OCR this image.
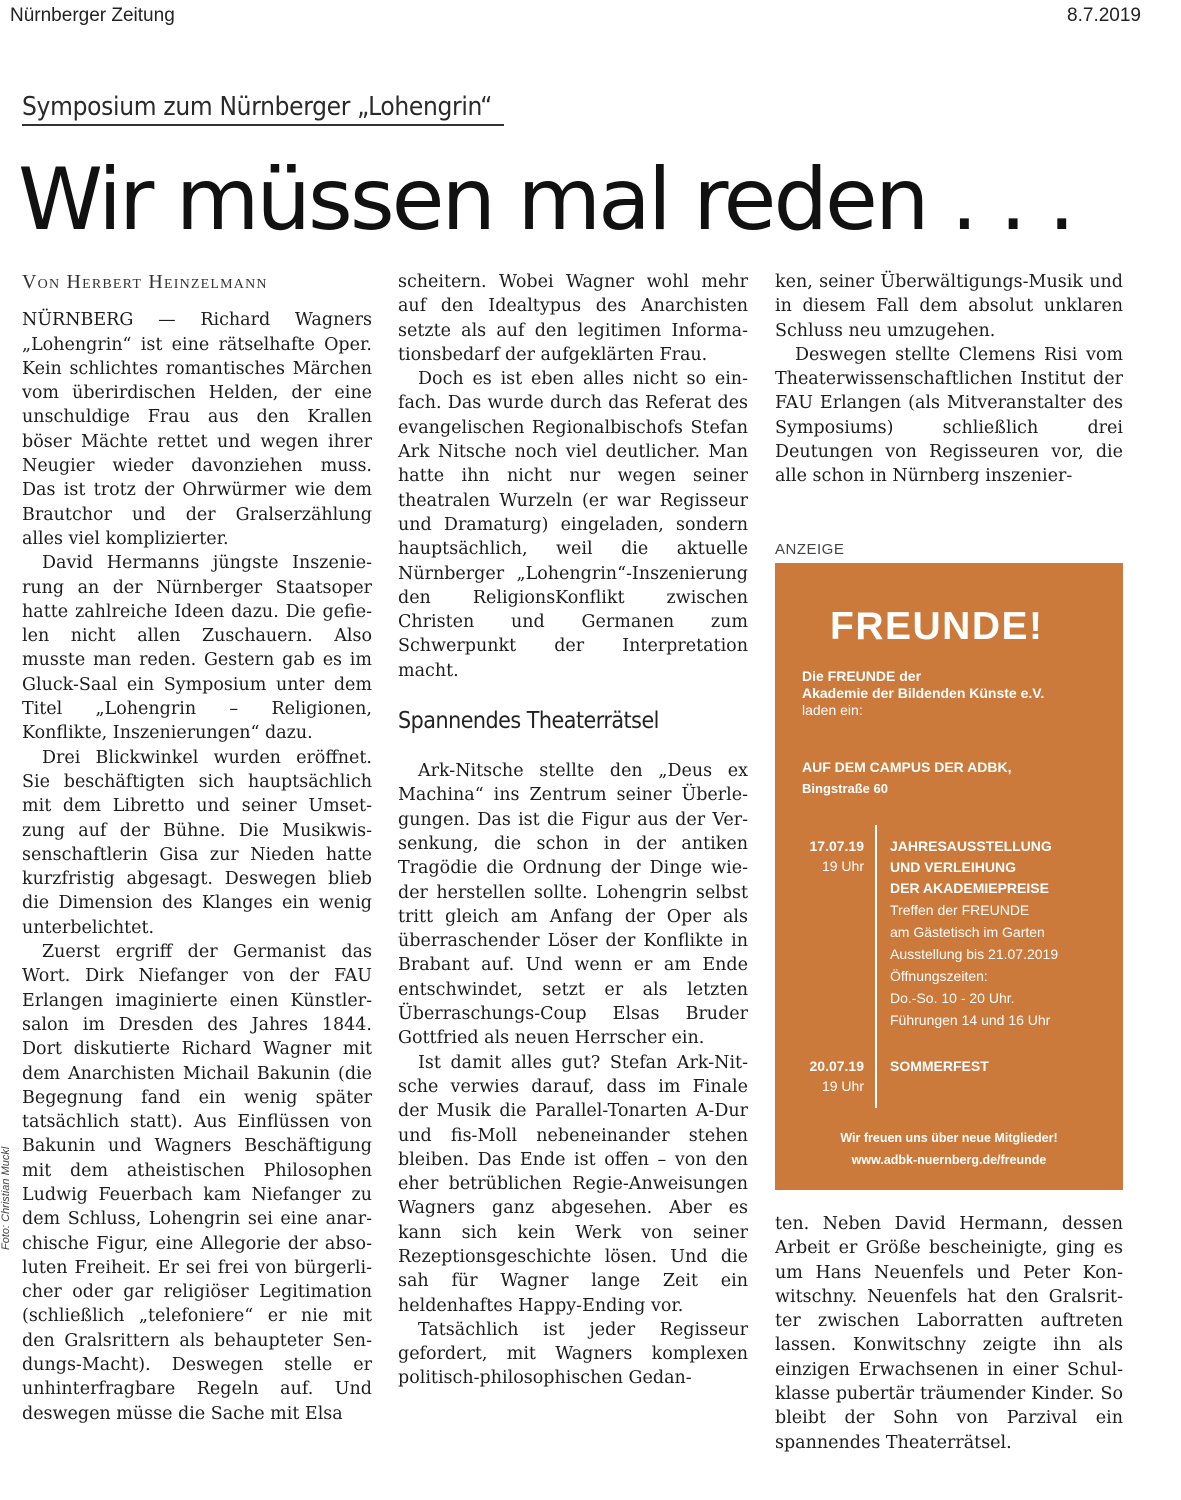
Nürnberger Zeitung	8.7.2019
Symposium zum Nürnberger „Lohengrin“
Wir müssen mal reden . . .
Foto: Christian Muckl
Von Herbert Heinzelmann

NÜRNBERG — Richard Wagners „Lohengrin“ ist eine rätselhafte Oper. Kein schlichtes romantisches Märchen vom überirdischen Helden, der eine unschuldige Frau aus den Krallen böser Mächte rettet und wegen ihrer Neugier wieder davonziehen muss. Das ist trotz der Ohrwürmer wie dem Brautchor und der Gralserzählung alles viel komplizierter.

David Hermanns jüngste Inszenierung an der Nürnberger Staatsoper hatte zahlreiche Ideen dazu. Die gefielen nicht allen Zuschauern. Also musste man reden. Gestern gab es im Gluck-Saal ein Symposium unter dem Titel „Lohengrin – Religionen, Konflikte, Inszenierungen“ dazu.

Drei Blickwinkel wurden eröffnet. Sie beschäftigten sich hauptsächlich mit dem Libretto und seiner Umsetzung auf der Bühne. Die Musikwissenschaftlerin Gisa zur Nieden hatte kurzfristig abgesagt. Deswegen blieb die Dimension des Klanges ein wenig unterbelichtet.

Zuerst ergriff der Germanist das Wort. Dirk Niefanger von der FAU Erlangen imaginierte einen Künstlersalon im Dresden des Jahres 1844. Dort diskutierte Richard Wagner mit dem Anarchisten Michail Bakunin (die Begegnung fand ein wenig später tatsächlich statt). Aus Einflüssen von Bakunin und Wagners Beschäftigung mit dem atheistischen Philosophen Ludwig Feuerbach kam Niefanger zu dem Schluss, Lohengrin sei eine anarchische Figur, eine Allegorie der absoluten Freiheit. Er sei frei von bürgerlicher oder gar religiöser Legitimation (schließlich „telefoniere“ er nie mit den Gralsrittern als behaupteter Sendungs-Macht). Deswegen stelle er unhinterfragbare Regeln auf. Und deswegen müsse die Sache mit Elsa

scheitern. Wobei Wagner wohl mehr auf den Idealtypus des Anarchisten setzte als auf den legitimen Informationsbedarf der aufgeklärten Frau.

Doch es ist eben alles nicht so einfach. Das wurde durch das Referat des evangelischen Regionalbischofs Stefan Ark Nitsche noch viel deutlicher. Man hatte ihn nicht nur wegen seiner theatralen Wurzeln (er war Regisseur und Dramaturg) eingeladen, sondern hauptsächlich, weil die aktuelle Nürnberger „Lohengrin“-Inszenierung den ReligionsKonflikt zwischen Christen und Germanen zum Schwerpunkt der Interpretation macht.

Spannendes Theaterrätsel

Ark-Nitsche stellte den „Deus ex Machina“ ins Zentrum seiner Überlegungen. Das ist die Figur aus der Versenkung, die schon in der antiken Tragödie die Ordnung der Dinge wieder herstellen sollte. Lohengrin selbst tritt gleich am Anfang der Oper als überraschender Löser der Konflikte in Brabant auf. Und wenn er am Ende entschwindet, setzt er als letzten Überraschungs-Coup Elsas Bruder Gottfried als neuen Herrscher ein.

Ist damit alles gut? Stefan Ark-Nitsche verwies darauf, dass im Finale der Musik die Parallel-Tonarten A-Dur und fis-Moll nebeneinander stehen bleiben. Das Ende ist offen – von den eher betrüblichen Regie-Anweisungen Wagners ganz abgesehen. Aber es kann sich kein Werk von seiner Rezeptionsgeschichte lösen. Und die sah für Wagner lange Zeit ein heldenhaftes Happy-Ending vor.

Tatsächlich ist jeder Regisseur gefordert, mit Wagners komplexen politisch-philosophischen Gedan-

ken, seiner Überwältigungs-Musik und in diesem Fall dem absolut unklaren Schluss neu umzugehen.

Deswegen stellte Clemens Risi vom Theaterwissenschaftlichen Institut der FAU Erlangen (als Mitveranstalter des Symposiums) schließlich drei Deutungen von Regisseuren vor, die alle schon in Nürnberg inszenier-

ANZEIGE
FREUNDE!
Die FREUNDE der
Akademie der Bildenden Künste e.V.
laden ein:
AUF DEM CAMPUS DER ADBK,
Bingstraße 60
17.07.19
19 Uhr
JAHRESAUSSTELLUNG
UND VERLEIHUNG
DER AKADEMIEPREISE
Treffen der FREUNDE
am Gästetisch im Garten
Ausstellung bis 21.07.2019
Öffnungszeiten:
Do.-So. 10 - 20 Uhr.
Führungen 14 und 16 Uhr
20.07.19
19 Uhr
SOMMERFEST
Wir freuen uns über neue Mitglieder!
www.adbk-nuernberg.de/freunde

ten. Neben David Hermann, dessen Arbeit er Größe bescheinigte, ging es um Hans Neuenfels und Peter Konwitschny. Neuenfels hat den Gralsritter zwischen Laborratten auftreten lassen. Konwitschny zeigte ihn als einzigen Erwachsenen in einer Schulklasse pubertär träumender Kinder. So bleibt der Sohn von Parzival ein spannendes Theaterrätsel.
